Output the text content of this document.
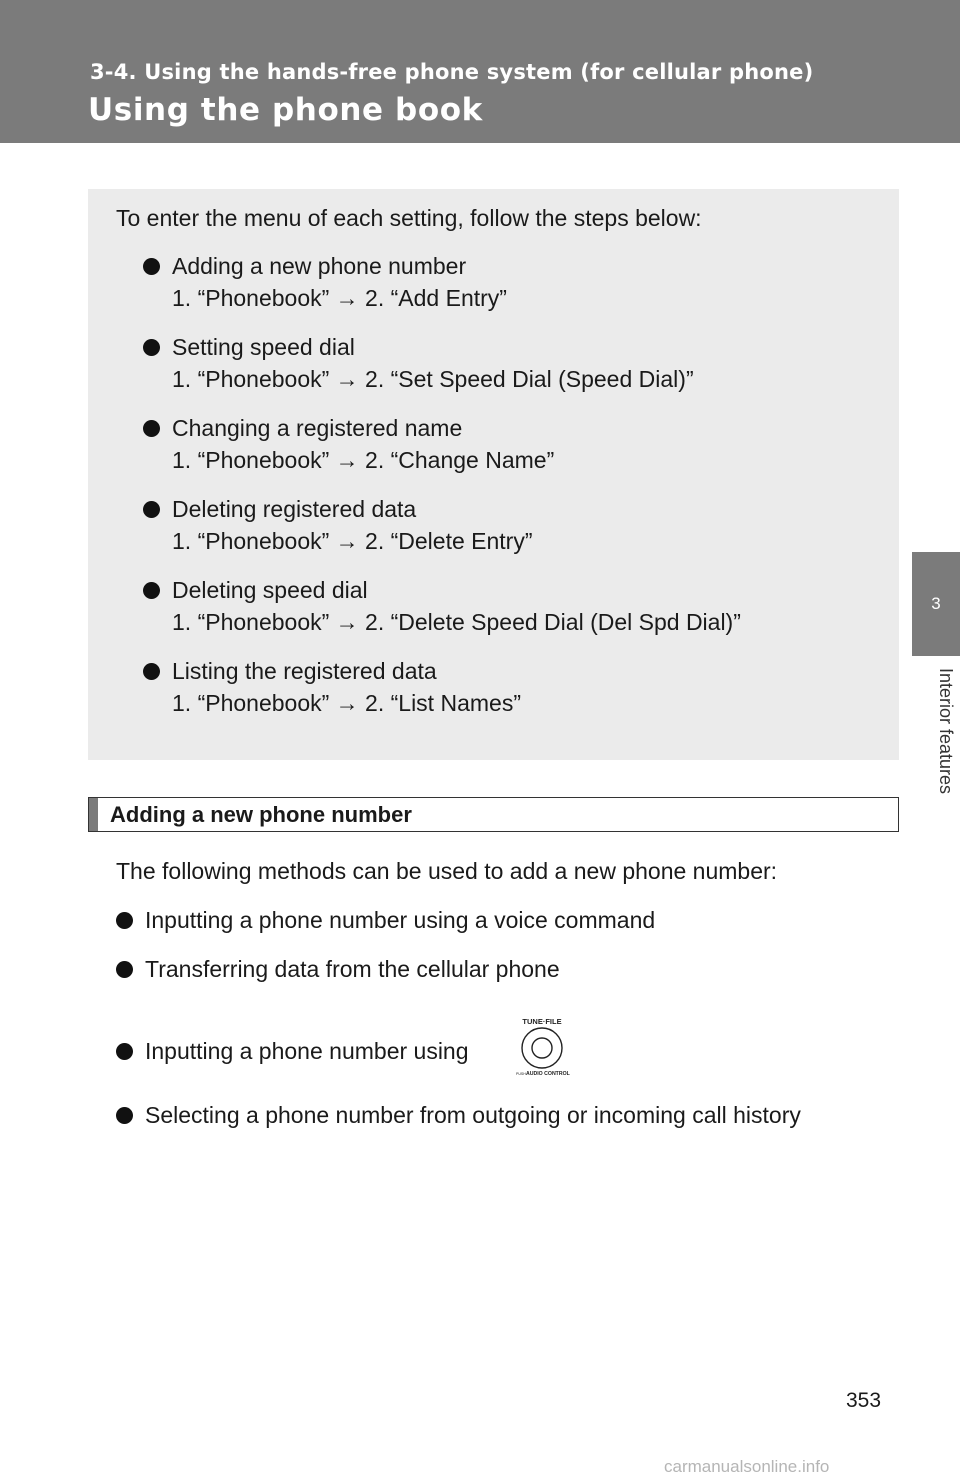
3-4. Using the hands-free phone system (for cellular phone)
Using the phone book
3
Interior features

To enter the menu of each setting, follow the steps below:

Adding a new phone number
1. “Phonebook” → 2. “Add Entry”
Setting speed dial
1. “Phonebook” → 2. “Set Speed Dial (Speed Dial)”
Changing a registered name
1. “Phonebook” → 2. “Change Name”
Deleting registered data
1. “Phonebook” → 2. “Delete Entry”
Deleting speed dial
1. “Phonebook” → 2. “Delete Speed Dial (Del Spd Dial)”
Listing the registered data
1. “Phonebook” → 2. “List Names”
Adding a new phone number

The following methods can be used to add a new phone number:

Inputting a phone number using a voice command
Transferring data from the cellular phone
Inputting a phone number using
TUNE·FILE
PUSH AUDIO CONTROL
Selecting a phone number from outgoing or incoming call history
353
carmanualsonline.info
